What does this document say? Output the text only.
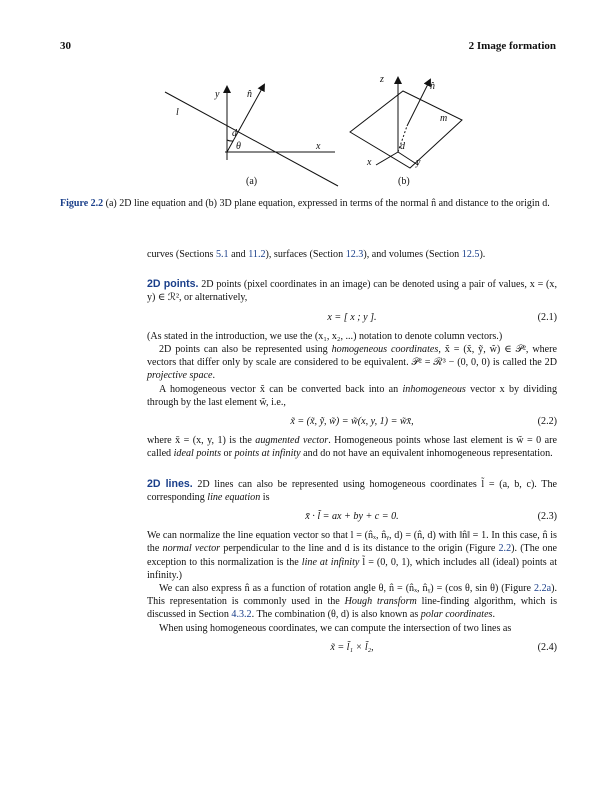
30	2 Image formation
y	n̂
l
d
θ	x
(a)
z
n̂
m
d
x	y
(b)
Figure 2.2 (a) 2D line equation and (b) 3D plane equation, expressed in terms of the normal n̂ and distance to the origin d.

curves (Sections 5.1 and 11.2), surfaces (Section 12.3), and volumes (Section 12.5).

2D points. 2D points (pixel coordinates in an image) can be denoted using a pair of values, x = (x, y) ∈ ℛ², or alternatively,

x = [ x ; y ].	(2.1)

(As stated in the introduction, we use the (x₁, x₂, ...) notation to denote column vectors.)

2D points can also be represented using homogeneous coordinates, x̃ = (x̃, ỹ, w̃) ∈ 𝒫², where vectors that differ only by scale are considered to be equivalent. 𝒫² = ℛ³ − (0, 0, 0) is called the 2D projective space.

A homogeneous vector x̃ can be converted back into an inhomogeneous vector x by dividing through by the last element w̃, i.e.,

x̃ = (x̃, ỹ, w̃) = w̃(x, y, 1) = w̃x̄,	(2.2)

where x̄ = (x, y, 1) is the augmented vector. Homogeneous points whose last element is w̃ = 0 are called ideal points or points at infinity and do not have an equivalent inhomogeneous representation.

2D lines. 2D lines can also be represented using homogeneous coordinates l̃ = (a, b, c). The corresponding line equation is

x̄ · l̃ = ax + by + c = 0.	(2.3)

We can normalize the line equation vector so that l = (n̂ₓ, n̂ᵧ, d) = (n̂, d) with ‖n̂‖ = 1. In this case, n̂ is the normal vector perpendicular to the line and d is its distance to the origin (Figure 2.2). (The one exception to this normalization is the line at infinity l̃ = (0, 0, 1), which includes all (ideal) points at infinity.)

We can also express n̂ as a function of rotation angle θ, n̂ = (n̂ₓ, n̂ᵧ) = (cos θ, sin θ) (Figure 2.2a). This representation is commonly used in the Hough transform line-finding algorithm, which is discussed in Section 4.3.2. The combination (θ, d) is also known as polar coordinates.

When using homogeneous coordinates, we can compute the intersection of two lines as

x̃ = l̃₁ × l̃₂,	(2.4)
